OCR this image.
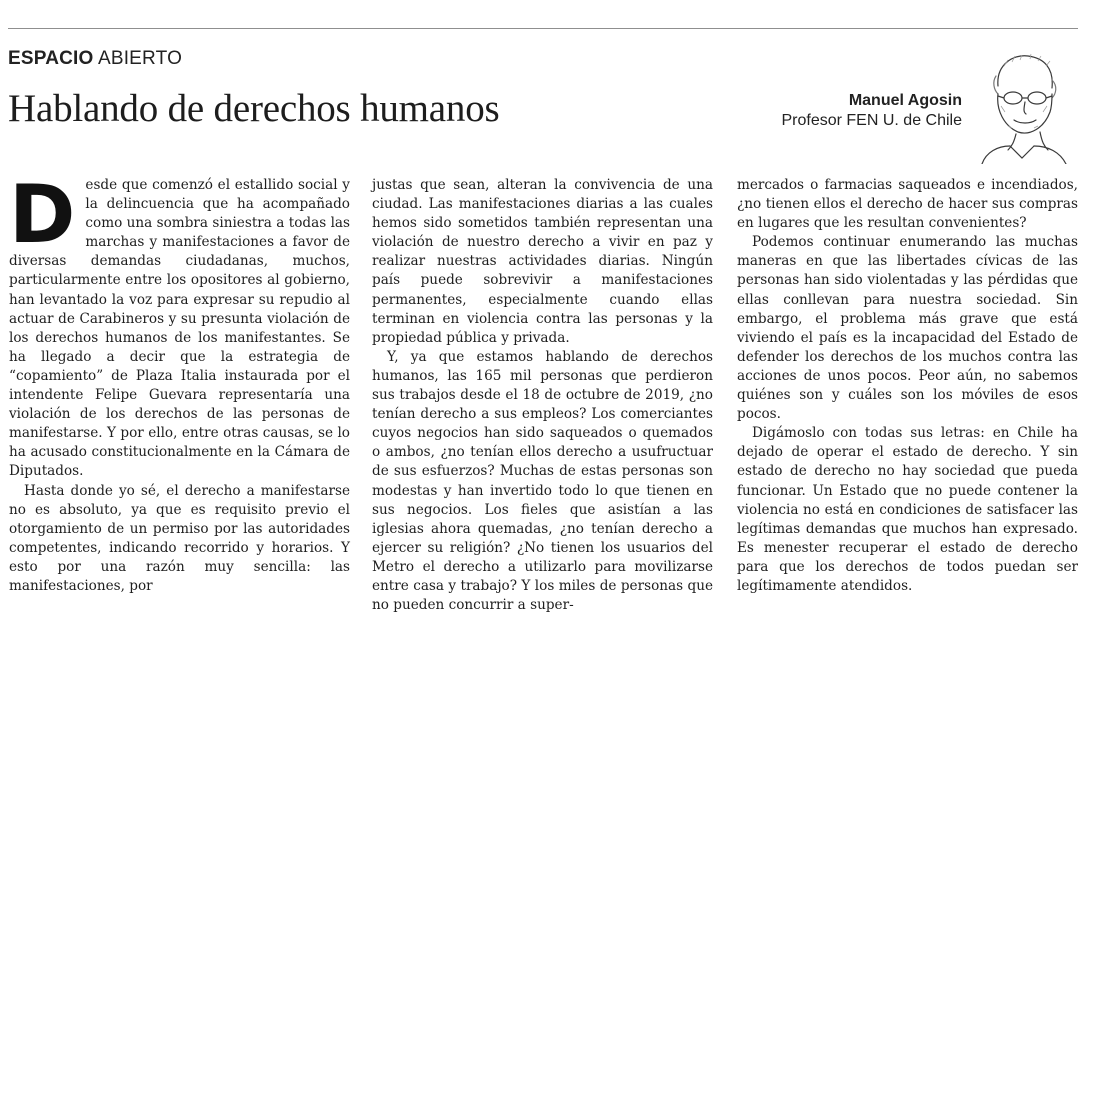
ESPACIO ABIERTO
Hablando de derechos humanos	Manuel Agosin
Profesor FEN U. de Chile

Desde que comenzó el estallido social y la delincuencia que ha acompañado como una sombra siniestra a todas las marchas y manifestaciones a favor de diversas demandas ciudadanas, muchos, particularmente entre los opositores al gobierno, han levantado la voz para expresar su repudio al actuar de Carabineros y su presunta violación de los derechos humanos de los manifestantes. Se ha llegado a decir que la estrategia de “copamiento” de Plaza Italia instaurada por el intendente Felipe Guevara representaría una violación de los derechos de las personas de manifestarse. Y por ello, entre otras causas, se lo ha acusado constitucionalmente en la Cámara de Diputados.

Hasta donde yo sé, el derecho a manifestarse no es absoluto, ya que es requisito previo el otorgamiento de un permiso por las autoridades competentes, indicando recorrido y horarios. Y esto por una razón muy sencilla: las manifestaciones, por

justas que sean, alteran la convivencia de una ciudad. Las manifestaciones diarias a las cuales hemos sido sometidos también representan una violación de nuestro derecho a vivir en paz y realizar nuestras actividades diarias. Ningún país puede sobrevivir a manifestaciones permanentes, especialmente cuando ellas terminan en violencia contra las personas y la propiedad pública y privada.

Y, ya que estamos hablando de derechos humanos, las 165 mil personas que perdieron sus trabajos desde el 18 de octubre de 2019, ¿no tenían derecho a sus empleos? Los comerciantes cuyos negocios han sido saqueados o quemados o ambos, ¿no tenían ellos derecho a usufructuar de sus esfuerzos? Muchas de estas personas son modestas y han invertido todo lo que tienen en sus negocios. Los fieles que asistían a las iglesias ahora quemadas, ¿no tenían derecho a ejercer su religión? ¿No tienen los usuarios del Metro el derecho a utilizarlo para movilizarse entre casa y trabajo? Y los miles de personas que no pueden concurrir a super-

mercados o farmacias saqueados e incendiados, ¿no tienen ellos el derecho de hacer sus compras en lugares que les resultan convenientes?

Podemos continuar enumerando las muchas maneras en que las libertades cívicas de las personas han sido violentadas y las pérdidas que ellas conllevan para nuestra sociedad. Sin embargo, el problema más grave que está viviendo el país es la incapacidad del Estado de defender los derechos de los muchos contra las acciones de unos pocos. Peor aún, no sabemos quiénes son y cuáles son los móviles de esos pocos.

Digámoslo con todas sus letras: en Chile ha dejado de operar el estado de derecho. Y sin estado de derecho no hay sociedad que pueda funcionar. Un Estado que no puede contener la violencia no está en condiciones de satisfacer las legítimas demandas que muchos han expresado. Es menester recuperar el estado de derecho para que los derechos de todos puedan ser legítimamente atendidos.
